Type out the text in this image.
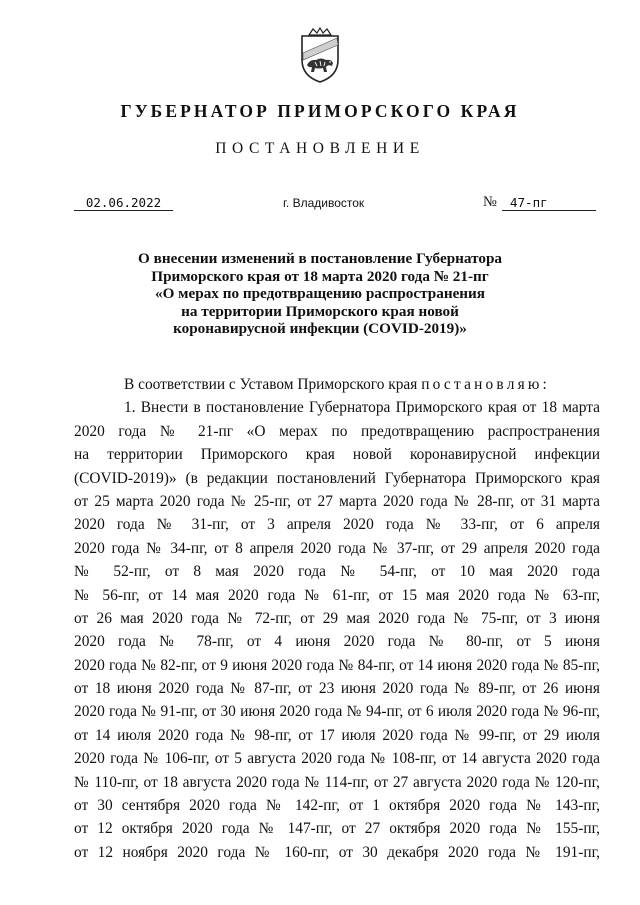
ГУБЕРНАТОР ПРИМОРСКОГО КРАЯ
ПОСТАНОВЛЕНИЕ
02.06.2022	г. Владивосток	№	47-пг
О внесении изменений в постановление Губернатора
Приморского края от 18 марта 2020 года № 21-пг
«О мерах по предотвращению распространения
на территории Приморского края новой
коронавирусной инфекции (COVID-2019)»
В соответствии с Уставом Приморского края постановляю:
1. Внести в постановление Губернатора Приморского края от 18 марта
2020 года № 21-пг «О мерах по предотвращению распространения
на территории Приморского края новой коронавирусной инфекции
(COVID-2019)» (в редакции постановлений Губернатора Приморского края
от 25 марта 2020 года № 25-пг, от 27 марта 2020 года № 28-пг, от 31 марта
2020 года № 31-пг, от 3 апреля 2020 года № 33-пг, от 6 апреля
2020 года № 34-пг, от 8 апреля 2020 года № 37-пг, от 29 апреля 2020 года
№ 52-пг, от 8 мая 2020 года № 54-пг, от 10 мая 2020 года
№ 56-пг, от 14 мая 2020 года № 61-пг, от 15 мая 2020 года № 63-пг,
от 26 мая 2020 года № 72-пг, от 29 мая 2020 года № 75-пг, от 3 июня
2020 года № 78-пг, от 4 июня 2020 года № 80-пг, от 5 июня
2020 года № 82-пг, от 9 июня 2020 года № 84-пг, от 14 июня 2020 года № 85-пг,
от 18 июня 2020 года № 87-пг, от 23 июня 2020 года № 89-пг, от 26 июня
2020 года № 91-пг, от 30 июня 2020 года № 94-пг, от 6 июля 2020 года № 96-пг,
от 14 июля 2020 года № 98-пг, от 17 июля 2020 года № 99-пг, от 29 июля
2020 года № 106-пг, от 5 августа 2020 года № 108-пг, от 14 августа 2020 года
№ 110-пг, от 18 августа 2020 года № 114-пг, от 27 августа 2020 года № 120-пг,
от 30 сентября 2020 года № 142-пг, от 1 октября 2020 года № 143-пг,
от 12 октября 2020 года № 147-пг, от 27 октября 2020 года № 155-пг,
от 12 ноября 2020 года № 160-пг, от 30 декабря 2020 года № 191-пг,
